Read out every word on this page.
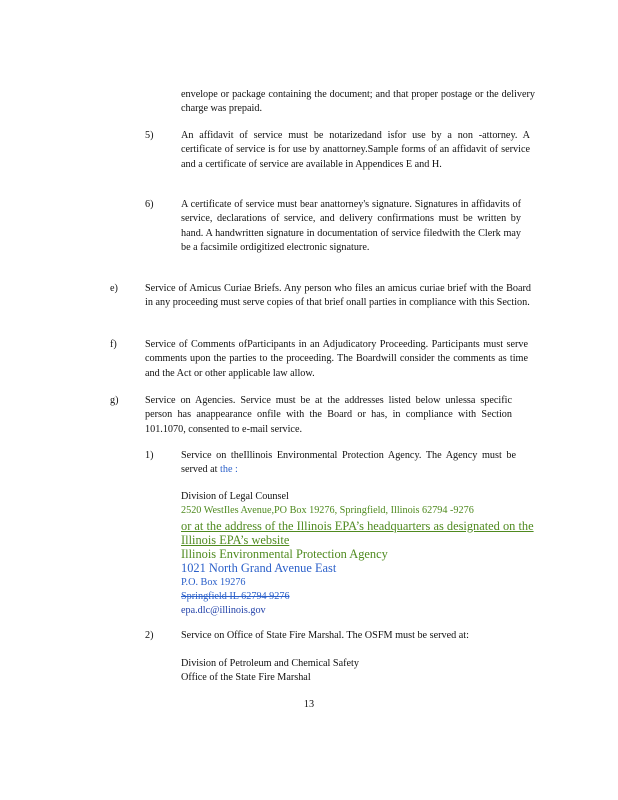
envelope or package containing the document; and that proper postage or the delivery charge was prepaid.
5)	An affidavit of service must be notarizedand isfor use by a non -attorney. A certificate of service is for use by anattorney.Sample forms of an affidavit of service and a certificate of service are available in Appendices E and H.
6)	A certificate of service must bear anattorney's signature. Signatures in affidavits of service, declarations of service, and delivery confirmations must be written by hand. A handwritten signature in documentation of service filedwith the Clerk may be a facsimile ordigitized electronic signature.
e)	Service of Amicus Curiae Briefs. Any person who files an amicus curiae brief with the Board in any proceeding must serve copies of that brief onall parties in compliance with this Section.
f)	Service of Comments ofParticipants in an Adjudicatory Proceeding. Participants must serve comments upon the parties to the proceeding. The Boardwill consider the comments as time and the Act or other applicable law allow.
g)	Service on Agencies. Service must be at the addresses listed below unlessa specific person has anappearance onfile with the Board or has, in compliance with Section 101.1070, consented to e-mail service.
1)	Service on theIllinois Environmental Protection Agency. The Agency must be served at the :
Division of Legal Counsel
2520 WestIles Avenue,PO Box 19276, Springfield, Illinois 62794 -9276
or at the address of the Illinois EPA’s headquarters as designated on the
Illinois EPA’s website
Illinois Environmental Protection Agency
1021 North Grand Avenue East
P.O. Box 19276
Springfield IL 62794 9276
epa.dlc@illinois.gov
2)	Service on Office of State Fire Marshal. The OSFM must be served at:
Division of Petroleum and Chemical Safety
Office of the State Fire Marshal
13
